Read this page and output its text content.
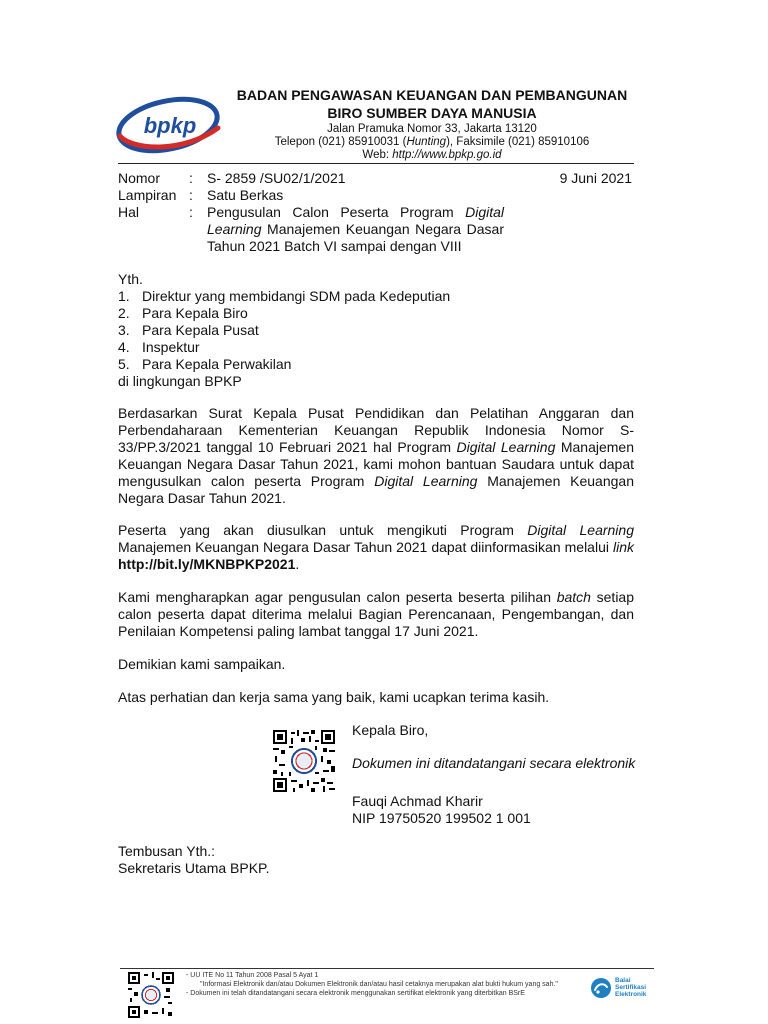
bpkp
BADAN PENGAWASAN KEUANGAN DAN PEMBANGUNAN
BIRO SUMBER DAYA MANUSIA
Jalan Pramuka Nomor 33, Jakarta 13120
Telepon (021) 85910031 (Hunting), Faksimile (021) 85910106
Web: http://www.bpkp.go.id
Nomor : S- 2859 /SU02/1/2021	9 Juni 2021
Lampiran : Satu Berkas
Hal	: Pengusulan Calon Peserta Program Digital
Learning Manajemen Keuangan Negara Dasar
Tahun 2021 Batch VI sampai dengan VIII
Yth.
1. Direktur yang membidangi SDM pada Kedeputian
2. Para Kepala Biro
3. Para Kepala Pusat
4. Inspektur
5. Para Kepala Perwakilan
di lingkungan BPKP
Berdasarkan Surat Kepala Pusat Pendidikan dan Pelatihan Anggaran dan Perbendaharaan Kementerian Keuangan Republik Indonesia Nomor S-33/PP.3/2021 tanggal 10 Februari 2021 hal Program Digital Learning Manajemen Keuangan Negara Dasar Tahun 2021, kami mohon bantuan Saudara untuk dapat mengusulkan calon peserta Program Digital Learning Manajemen Keuangan Negara Dasar Tahun 2021.
Peserta yang akan diusulkan untuk mengikuti Program Digital Learning Manajemen Keuangan Negara Dasar Tahun 2021 dapat diinformasikan melalui link http://bit.ly/MKNBPKP2021.
Kami mengharapkan agar pengusulan calon peserta beserta pilihan batch setiap calon peserta dapat diterima melalui Bagian Perencanaan, Pengembangan, dan Penilaian Kompetensi paling lambat tanggal 17 Juni 2021.
Demikian kami sampaikan.
Atas perhatian dan kerja sama yang baik, kami ucapkan terima kasih.
Kepala Biro,
Dokumen ini ditandatangani secara elektronik
Fauqi Achmad Kharir
NIP 19750520 199502 1 001
Tembusan Yth.:
Sekretaris Utama BPKP.
- UU ITE No 11 Tahun 2008 Pasal 5 Ayat 1
"Informasi Elektronik dan/atau Dokumen Elektronik dan/atau hasil cetaknya merupakan alat bukti hukum yang sah."
- Dokumen ini telah ditandatangani secara elektronik menggunakan sertifikat elektronik yang diterbitkan BSrE
Balai
Sertifikasi
Elektronik
